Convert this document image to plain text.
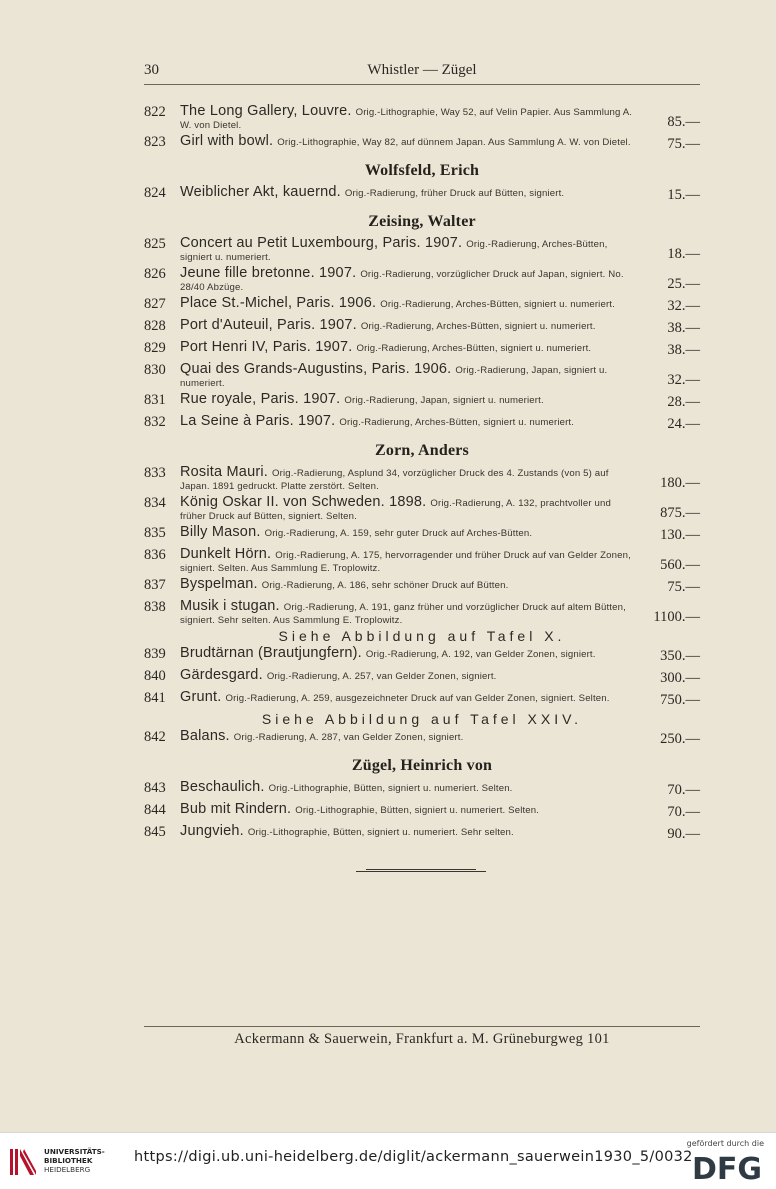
30	Whistler — Zügel
822 The Long Gallery, Louvre. Orig.-Lithographie, Way 52, auf Velin Papier. Aus Sammlung A. W. von Dietel.	85.—
823 Girl with bowl. Orig.-Lithographie, Way 82, auf dünnem Japan. Aus Sammlung A. W. von Dietel.	75.—
Wolfsfeld, Erich
824 Weiblicher Akt, kauernd. Orig.-Radierung, früher Druck auf Bütten, signiert.	15.—
Zeising, Walter
825 Concert au Petit Luxembourg, Paris. 1907. Orig.-Radierung, Arches-Bütten, signiert u. numeriert.	18.—
826 Jeune fille bretonne. 1907. Orig.-Radierung, vorzüglicher Druck auf Japan, signiert. No. 28/40 Abzüge.	25.—
827 Place St.-Michel, Paris. 1906. Orig.-Radierung, Arches-Bütten, signiert u. numeriert.	32.—
828 Port d'Auteuil, Paris. 1907. Orig.-Radierung, Arches-Bütten, signiert u. numeriert.	38.—
829 Port Henri IV, Paris. 1907. Orig.-Radierung, Arches-Bütten, signiert u. numeriert.	38.—
830 Quai des Grands-Augustins, Paris. 1906. Orig.-Radierung, Japan, signiert u. numeriert.	32.—
831 Rue royale, Paris. 1907. Orig.-Radierung, Japan, signiert u. numeriert.	28.—
832 La Seine à Paris. 1907. Orig.-Radierung, Arches-Bütten, signiert u. numeriert.	24.—
Zorn, Anders
833 Rosita Mauri. Orig.-Radierung, Asplund 34, vorzüglicher Druck des 4. Zustands (von 5) auf Japan. 1891 gedruckt. Platte zerstört. Selten.	180.—
834 König Oskar II. von Schweden. 1898. Orig.-Radierung, A. 132, prachtvoller und früher Druck auf Bütten, signiert. Selten.	875.—
835 Billy Mason. Orig.-Radierung, A. 159, sehr guter Druck auf Arches-Bütten.	130.—
836 Dunkelt Hörn. Orig.-Radierung, A. 175, hervorragender und früher Druck auf van Gelder Zonen, signiert. Selten. Aus Sammlung E. Troplowitz.	560.—
837 Byspelman. Orig.-Radierung, A. 186, sehr schöner Druck auf Bütten.	75.—
838 Musik i stugan. Orig.-Radierung, A. 191, ganz früher und vorzüglicher Druck auf altem Bütten, signiert. Sehr selten. Aus Sammlung E. Troplowitz.	1100.—
Siehe Abbildung auf Tafel X.
839 Brudtärnan (Brautjungfern). Orig.-Radierung, A. 192, van Gelder Zonen, signiert.	350.—
840 Gärdesgard. Orig.-Radierung, A. 257, van Gelder Zonen, signiert.	300.—
841 Grunt. Orig.-Radierung, A. 259, ausgezeichneter Druck auf van Gelder Zonen, signiert. Selten.	750.—
Siehe Abbildung auf Tafel XXIV.
842 Balans. Orig.-Radierung, A. 287, van Gelder Zonen, signiert.	250.—
Zügel, Heinrich von
843 Beschaulich. Orig.-Lithographie, Bütten, signiert u. numeriert. Selten.	70.—
844 Bub mit Rindern. Orig.-Lithographie, Bütten, signiert u. numeriert. Selten.	70.—
845 Jungvieh. Orig.-Lithographie, Bütten, signiert u. numeriert. Sehr selten.	90.—
Ackermann & Sauerwein, Frankfurt a. M. Grüneburgweg 101
UNIVERSITÄTS-
BIBLIOTHEK
HEIDELBERG
https://digi.ub.uni-heidelberg.de/diglit/ackermann_sauerwein1930_5/0032
gefördert durch die
DFG
